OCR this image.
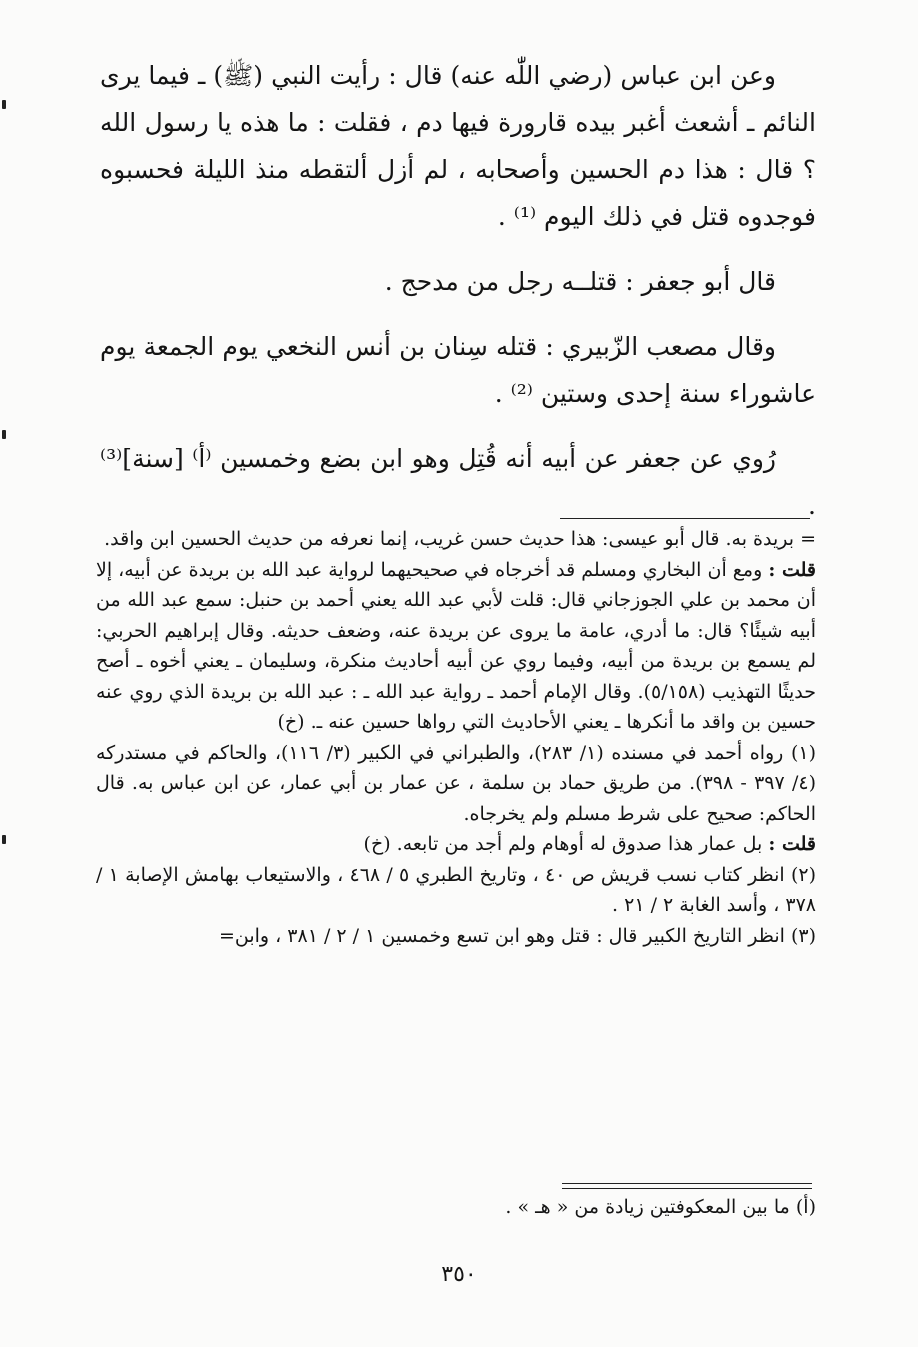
وعن ابن عباس (رضي اللّٰه عنه) قال : رأيت النبي (ﷺ) ـ فيما يرى النائم ـ أشعث أغبر بيده قارورة فيها دم ، فقلت : ما هذه يا رسول الله ؟ قال : هذا دم الحسين وأصحابه ، لم أزل ألتقطه منذ الليلة فحسبوه فوجدوه قتل في ذلك اليوم ⁽¹⁾ .

قال أبو جعفر : قتلــه رجل من مدحج .

وقال مصعب الزّبيري : قتله سِنان بن أنس النخعي يوم الجمعة يوم عاشوراء سنة إحدى وستين ⁽²⁾ .

رُوي عن جعفر عن أبيه أنه قُتِل وهو ابن بضع وخمسين ⁽أ⁾ [سنة]⁽³⁾ .

= بريدة به. قال أبو عيسى: هذا حديث حسن غريب، إنما نعرفه من حديث الحسين ابن واقد.

قلت : ومع أن البخاري ومسلم قد أخرجاه في صحيحيهما لرواية عبد الله بن بريدة عن أبيه، إلا أن محمد بن علي الجوزجاني قال: قلت لأبي عبد الله يعني أحمد بن حنبل: سمع عبد الله من أبيه شيئًا؟ قال: ما أدري، عامة ما يروى عن بريدة عنه، وضعف حديثه. وقال إبراهيم الحربي: لم يسمع بن بريدة من أبيه، وفيما روي عن أبيه أحاديث منكرة، وسليمان ـ يعني أخوه ـ أصح حديثًا التهذيب (٥/١٥٨). وقال الإمام أحمد ـ رواية عبد الله ـ : عبد الله بن بريدة الذي روي عنه حسين بن واقد ما أنكرها ـ يعني الأحاديث التي رواها حسين عنه ـ. (خ)

(١) رواه أحمد في مسنده (١/ ٢٨٣)، والطبراني في الكبير (٣/ ١١٦)، والحاكم في مستدركه (٤/ ٣٩٧ - ٣٩٨). من طريق حماد بن سلمة ، عن عمار بن أبي عمار، عن ابن عباس به. قال الحاكم: صحيح على شرط مسلم ولم يخرجاه.

قلت : بل عمار هذا صدوق له أوهام ولم أجد من تابعه. (خ)

(٢) انظر كتاب نسب قريش ص ٤٠ ، وتاريخ الطبري ٥ / ٤٦٨ ، والاستيعاب بهامش الإصابة ١ / ٣٧٨ ، وأسد الغابة ٢ / ٢١ .

(٣) انظر التاريخ الكبير قال : قتل وهو ابن تسع وخمسين ١ / ٢ / ٣٨١ ، وابن=

(أ) ما بين المعكوفتين زيادة من « هـ » .
٣٥٠
